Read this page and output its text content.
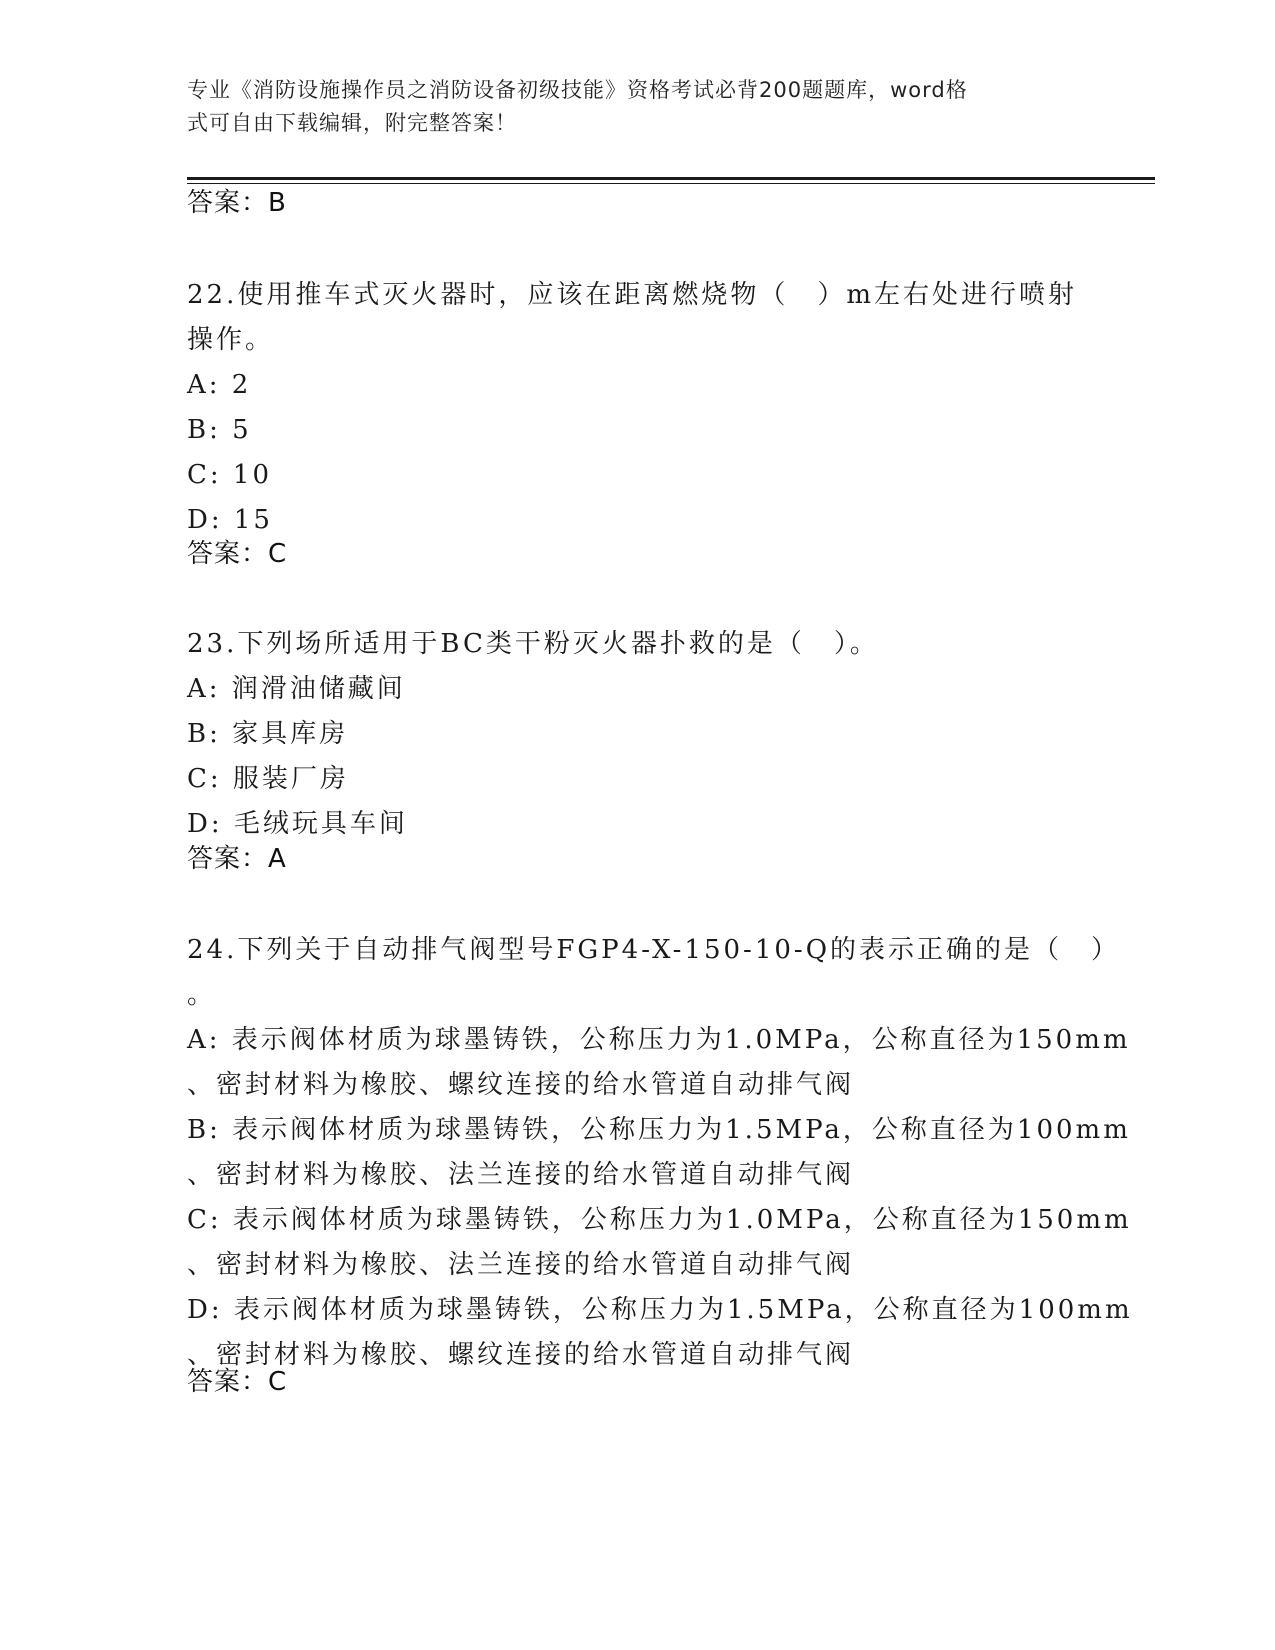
专业《消防设施操作员之消防设备初级技能》资格考试必背200题题库，word格
式可自由下载编辑，附完整答案！
答案：B
22.使用推车式灭火器时，应该在距离燃烧物（　）m左右处进行喷射
操作。
A: 2
B: 5
C: 10
D: 15
答案：C
23.下列场所适用于BC类干粉灭火器扑救的是（　）。
A: 润滑油储藏间
B: 家具库房
C: 服装厂房
D: 毛绒玩具车间
答案：A
24.下列关于自动排气阀型号FGP4-X-150-10-Q的表示正确的是（　）
。
A: 表示阀体材质为球墨铸铁，公称压力为1.0MPa，公称直径为150mm
、密封材料为橡胶、螺纹连接的给水管道自动排气阀
B: 表示阀体材质为球墨铸铁，公称压力为1.5MPa，公称直径为100mm
、密封材料为橡胶、法兰连接的给水管道自动排气阀
C: 表示阀体材质为球墨铸铁，公称压力为1.0MPa，公称直径为150mm
、密封材料为橡胶、法兰连接的给水管道自动排气阀
D: 表示阀体材质为球墨铸铁，公称压力为1.5MPa，公称直径为100mm
、密封材料为橡胶、螺纹连接的给水管道自动排气阀
答案：C
